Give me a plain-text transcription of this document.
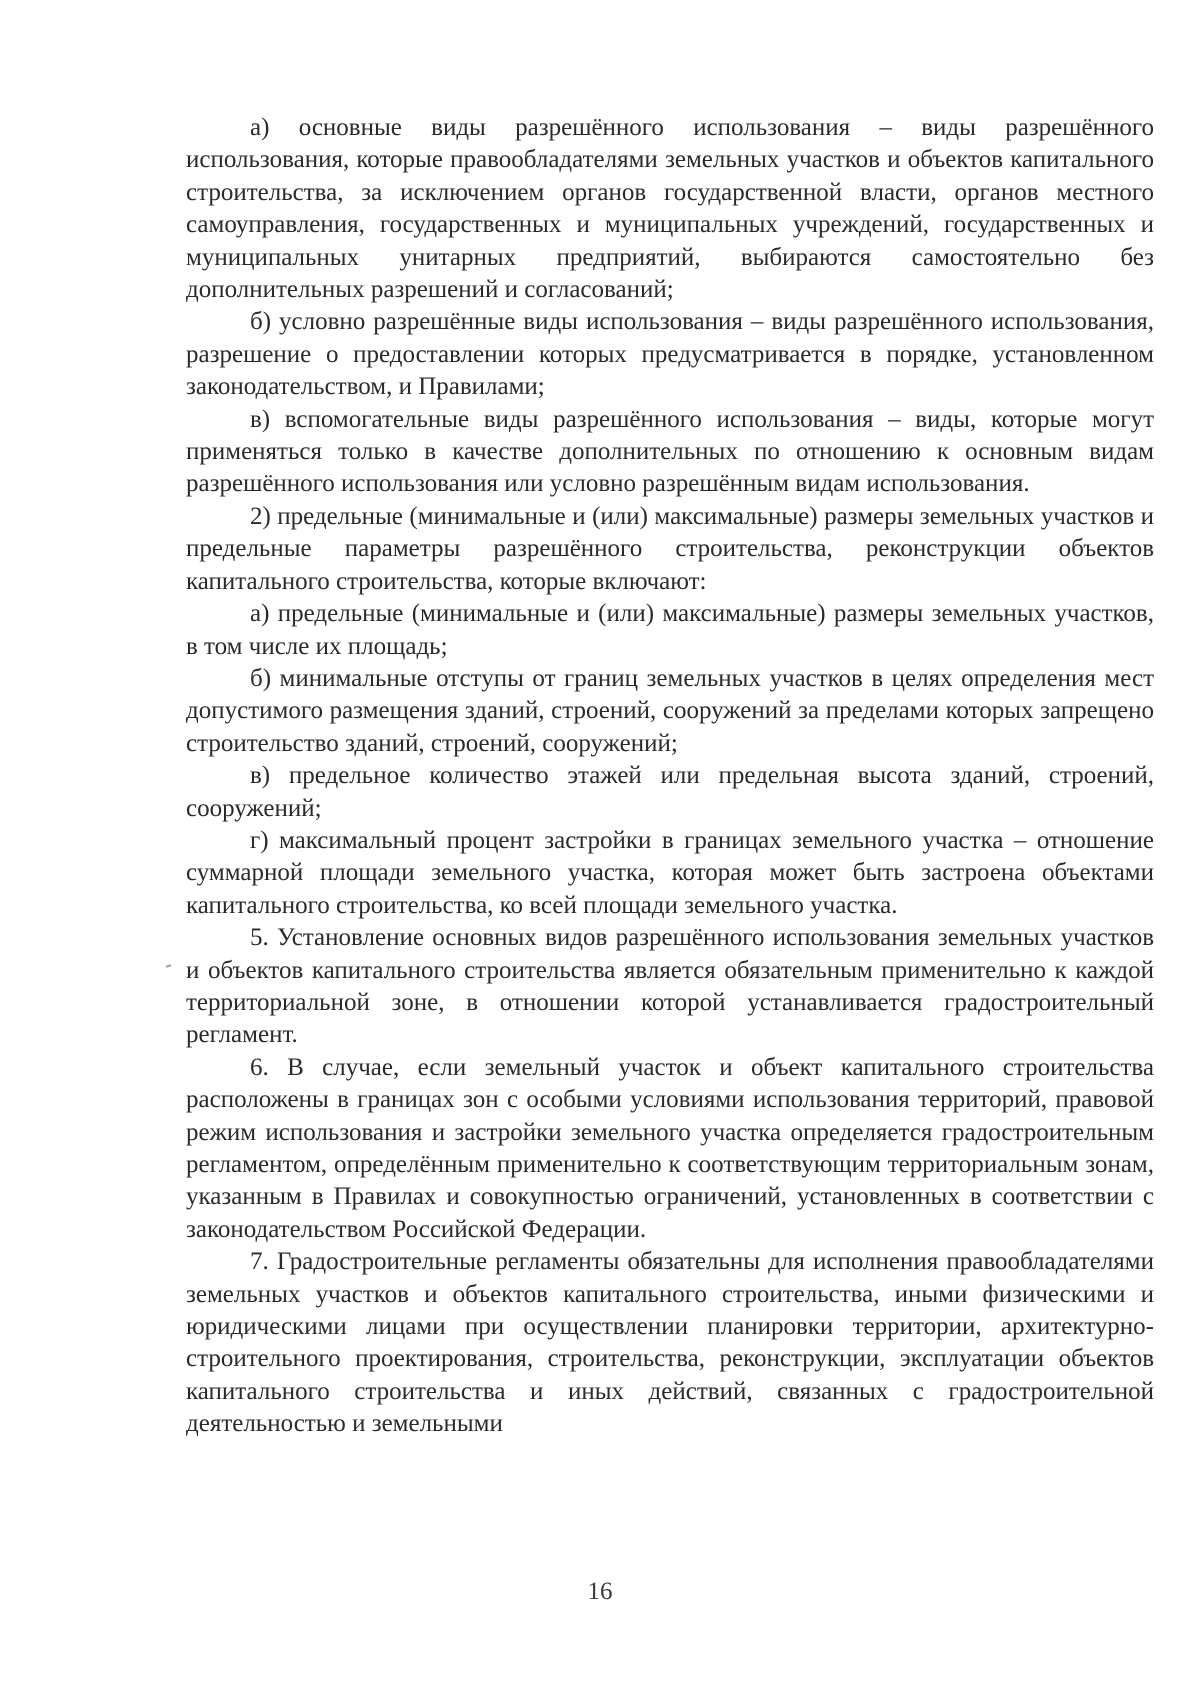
а) основные виды разрешённого использования – виды разрешённого использования, которые правообладателями земельных участков и объектов капитального строительства, за исключением органов государственной власти, органов местного самоуправления, государственных и муниципальных учреждений, государственных и муниципальных унитарных предприятий, выбираются самостоятельно без дополнительных разрешений и согласований;

б) условно разрешённые виды использования – виды разрешённого использования, разрешение о предоставлении которых предусматривается в порядке, установленном законодательством, и Правилами;

в) вспомогательные виды разрешённого использования – виды, которые могут применяться только в качестве дополнительных по отношению к основным видам разрешённого использования или условно разрешённым видам использования.

2) предельные (минимальные и (или) максимальные) размеры земельных участков и предельные параметры разрешённого строительства, реконструкции объектов капитального строительства, которые включают:

а) предельные (минимальные и (или) максимальные) размеры земельных участков, в том числе их площадь;

б) минимальные отступы от границ земельных участков в целях определения мест допустимого размещения зданий, строений, сооружений за пределами которых запрещено строительство зданий, строений, сооружений;

в) предельное количество этажей или предельная высота зданий, строений, сооружений;

г) максимальный процент застройки в границах земельного участка – отношение суммарной площади земельного участка, которая может быть застроена объектами капитального строительства, ко всей площади земельного участка.

5. Установление основных видов разрешённого использования земельных участков и объектов капитального строительства является обязательным применительно к каждой территориальной зоне, в отношении которой устанавливается градостроительный регламент.

6. В случае, если земельный участок и объект капитального строительства расположены в границах зон с особыми условиями использования территорий, правовой режим использования и застройки земельного участка определяется градостроительным регламентом, определённым применительно к соответствующим территориальным зонам, указанным в Правилах и совокупностью ограничений, установленных в соответствии с законодательством Российской Федерации.

7. Градостроительные регламенты обязательны для исполнения правообладателями земельных участков и объектов капитального строительства, иными физическими и юридическими лицами при осуществлении планировки территории, архитектурно-строительного проектирования, строительства, реконструкции, эксплуатации объектов капитального строительства и иных действий, связанных с градостроительной деятельностью и земельными

16
